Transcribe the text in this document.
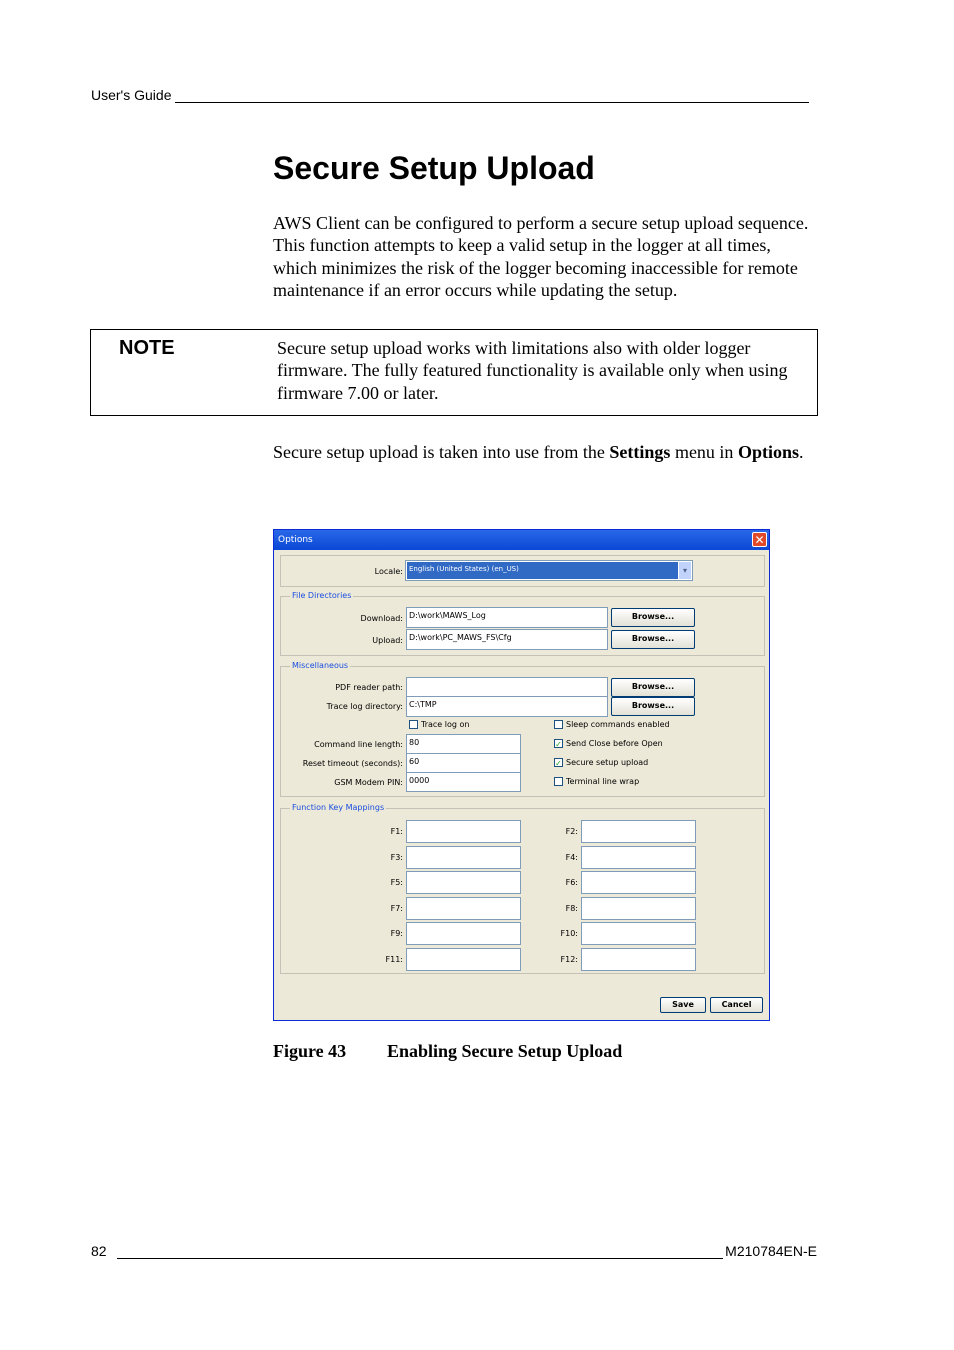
User's Guide
Secure Setup Upload

AWS Client can be configured to perform a secure setup upload sequence. This function attempts to keep a valid setup in the logger at all times, which minimizes the risk of the logger becoming inaccessible for remote maintenance if an error occurs while updating the setup.

NOTE	Secure setup upload works with limitations also with older logger firmware. The fully featured functionality is available only when using firmware 7.00 or later.

Secure setup upload is taken into use from the Settings menu in Options.

Options	✕
Locale: English (United States) (en_US)	▾
File Directories
Download: D:\work\MAWS_Log	Browse...
Upload: D:\work\PC_MAWS_FS\Cfg	Browse...
Miscellaneous
PDF reader path:	Browse...
Trace log directory: C:\TMP	Browse...
Trace log on	Sleep commands enabled
Command line length: 80	✓ Send Close before Open
Reset timeout (seconds): 60	✓ Secure setup upload
GSM Modem PIN: 0000	Terminal line wrap
Function Key Mappings
F1:	F2:
F3:	F4:
F5:	F6:
F7:	F8:
F9:	F10:
F11:	F12:
Save	Cancel
Figure 43 Enabling Secure Setup Upload
82	M210784EN-E
